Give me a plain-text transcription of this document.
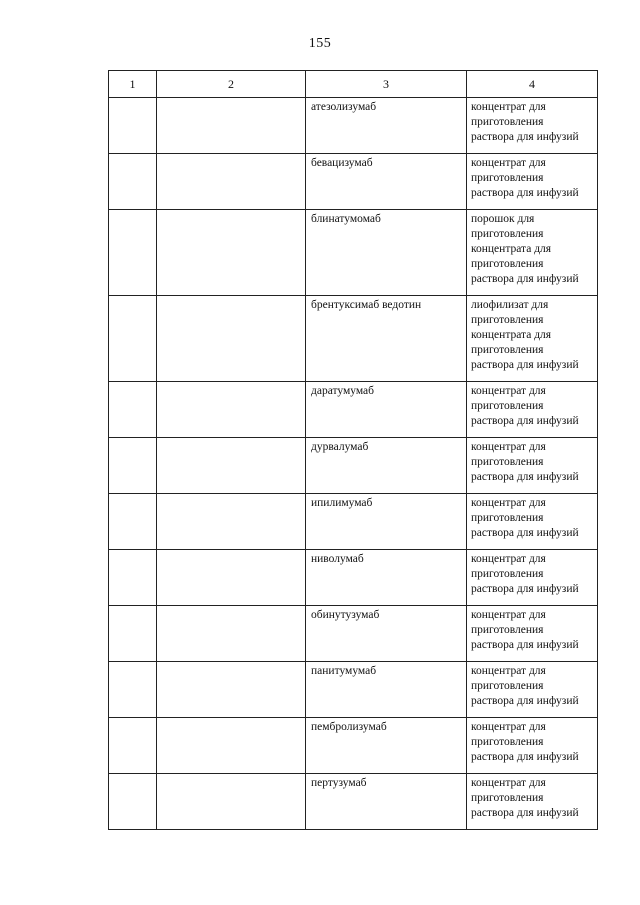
155
1	2	3	4

		атезолизумаб	концентрат для
приготовления
раствора для инфузий

		бевацизумаб	концентрат для
приготовления
раствора для инфузий

		блинатумомаб	порошок для
приготовления
концентрата для
приготовления
раствора для инфузий

		брентуксимаб ведотин	лиофилизат для
приготовления
концентрата для
приготовления
раствора для инфузий

		даратумумаб	концентрат для
приготовления
раствора для инфузий

		дурвалумаб	концентрат для
приготовления
раствора для инфузий

		ипилимумаб	концентрат для
приготовления
раствора для инфузий

		ниволумаб	концентрат для
приготовления
раствора для инфузий

		обинутузумаб	концентрат для
приготовления
раствора для инфузий

		панитумумаб	концентрат для
приготовления
раствора для инфузий

		пембролизумаб	концентрат для
приготовления
раствора для инфузий

		пертузумаб	концентрат для
приготовления
раствора для инфузий
